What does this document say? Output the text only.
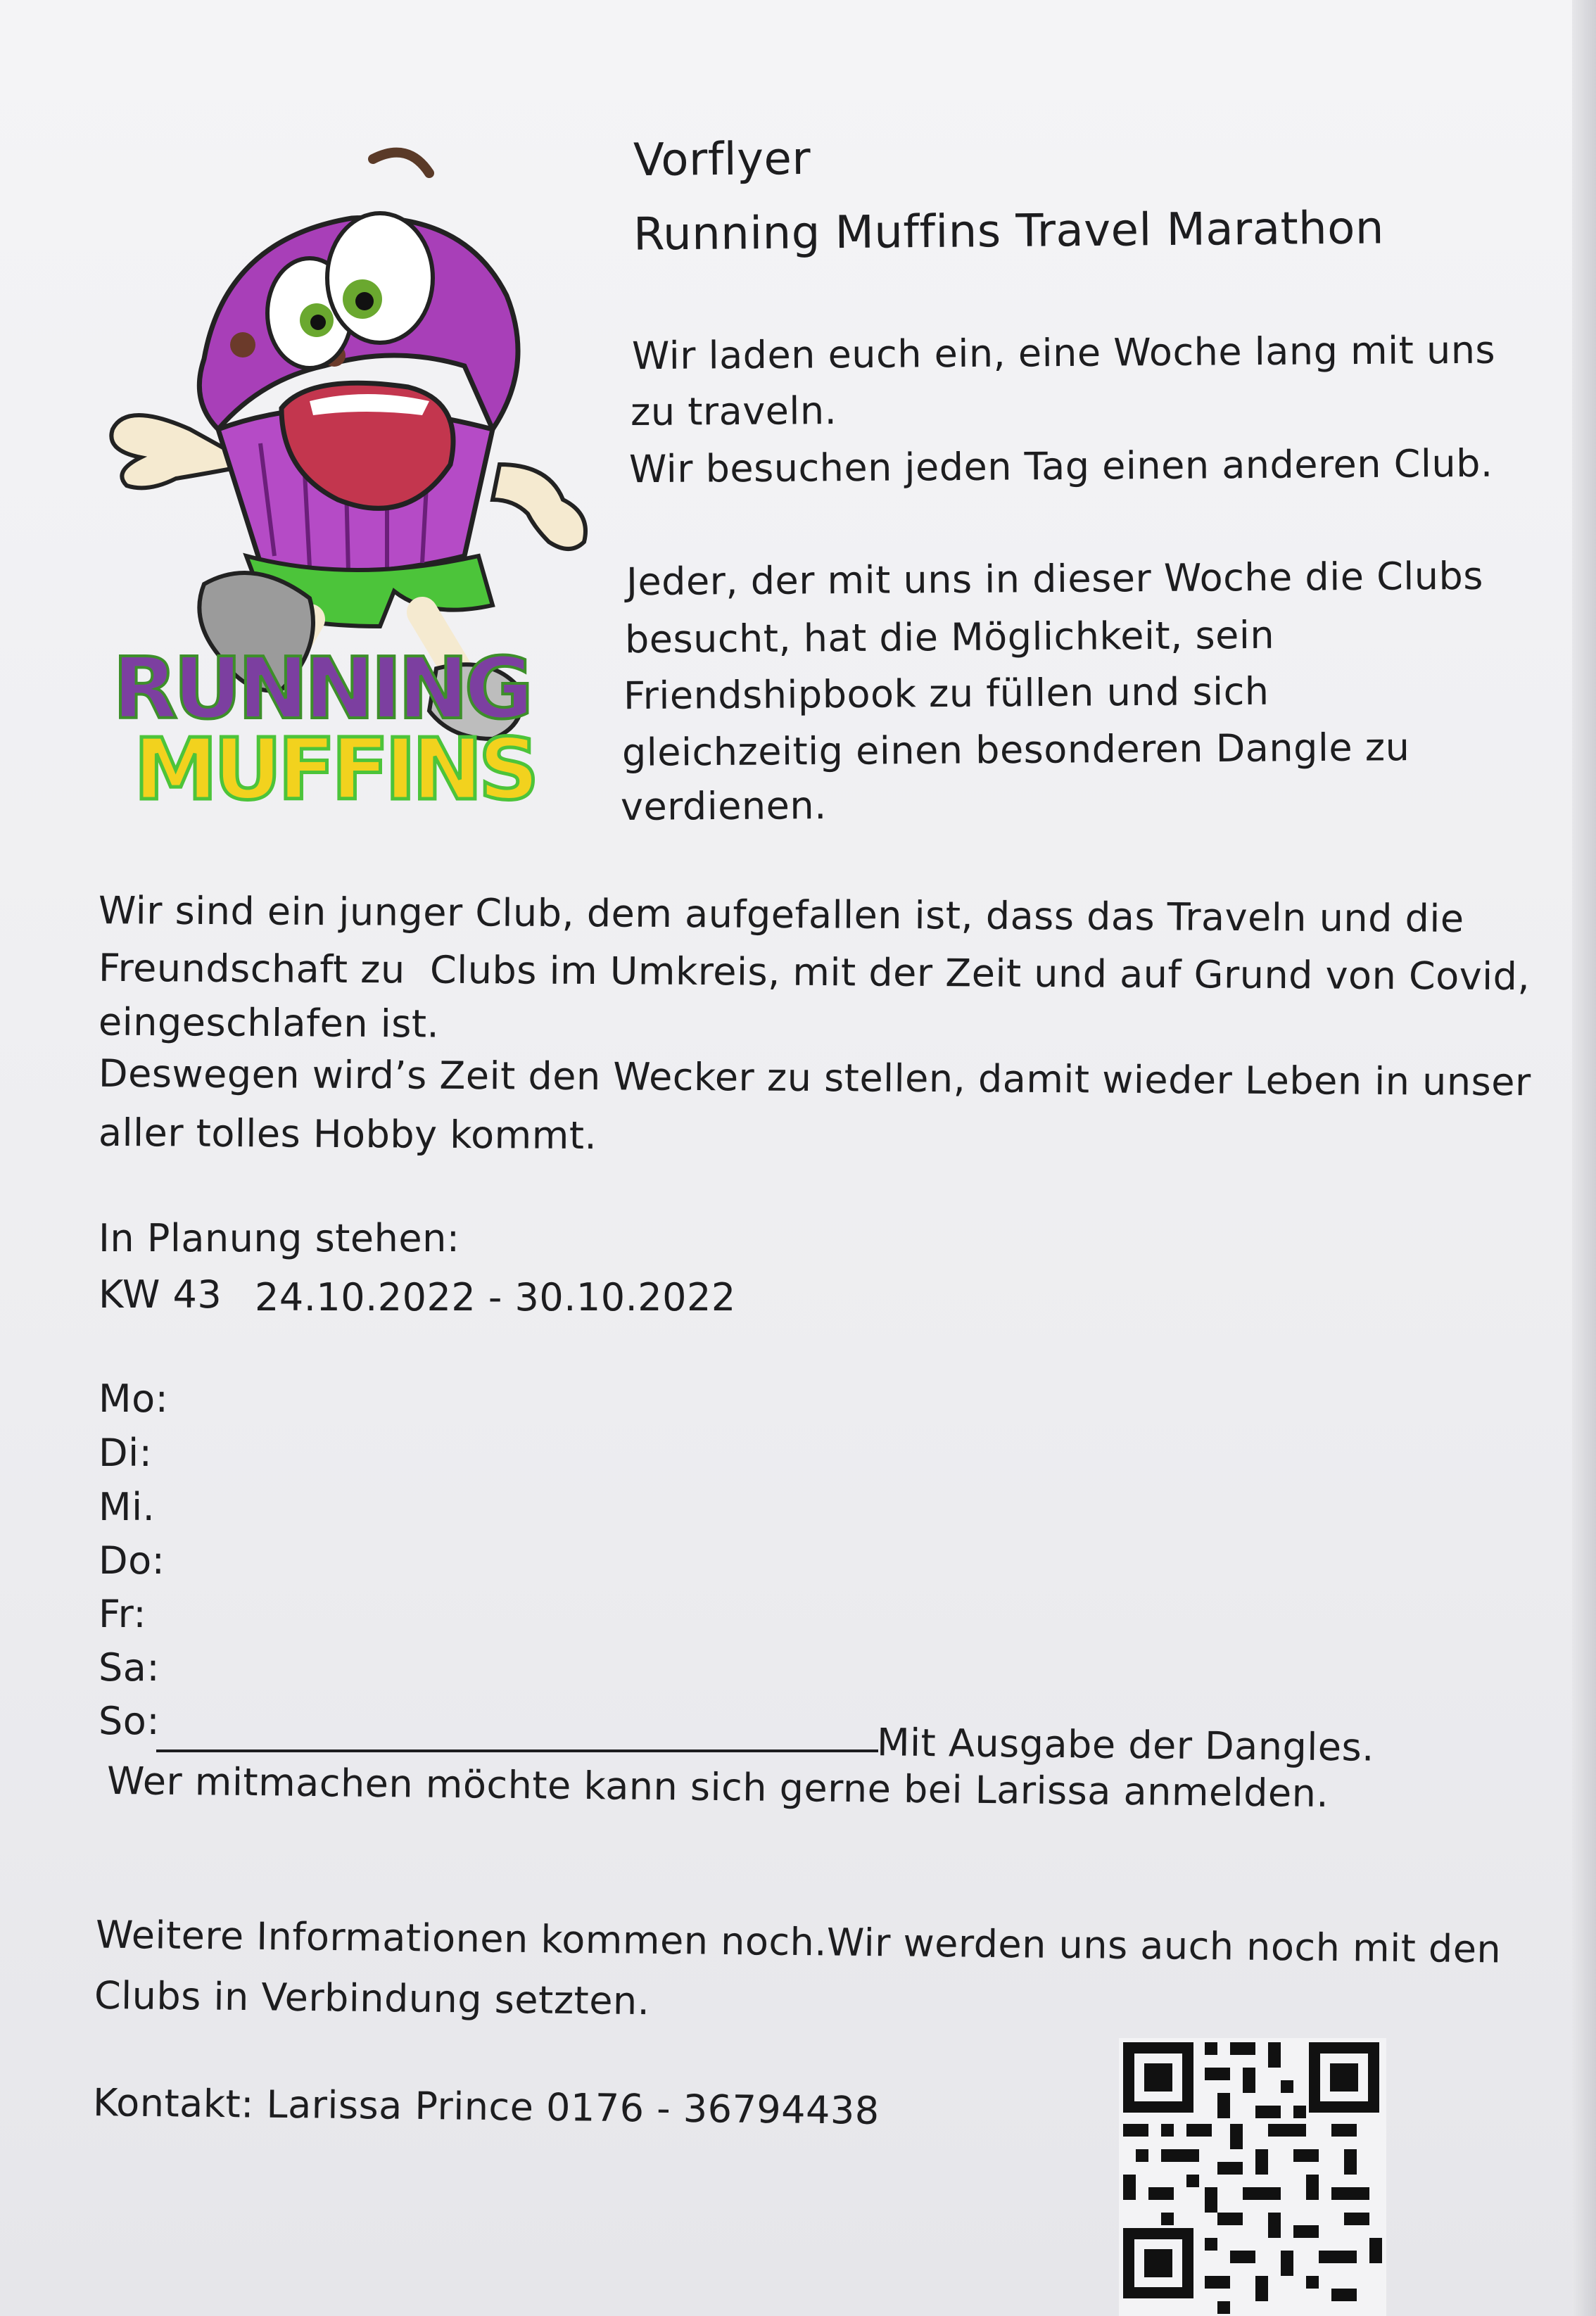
RUNNING
MUFFINS
Vorflyer
Running Muffins Travel Marathon
Wir laden euch ein, eine Woche lang mit uns
zu traveln.
Wir besuchen jeden Tag einen anderen Club.
Jeder, der mit uns in dieser Woche die Clubs
besucht, hat die Möglichkeit, sein
Friendshipbook zu füllen und sich
gleichzeitig einen besonderen Dangle zu
verdienen.
Wir sind ein junger Club, dem aufgefallen ist, dass das Traveln und die
Freundschaft zu  Clubs im Umkreis, mit der Zeit und auf Grund von Covid,
eingeschlafen ist.
Deswegen wird’s Zeit den Wecker zu stellen, damit wieder Leben in unser
aller tolles Hobby kommt.
In Planung stehen:
KW 43 24.10.2022 - 30.10.2022
Mo:
Di:
Mi.
Do:
Fr:
Sa:
So:	Mit Ausgabe der Dangles.
Wer mitmachen möchte kann sich gerne bei Larissa anmelden.
Weitere Informationen kommen noch.Wir werden uns auch noch mit den
Clubs in Verbindung setzten.
Kontakt: Larissa Prince 0176 - 36794438
